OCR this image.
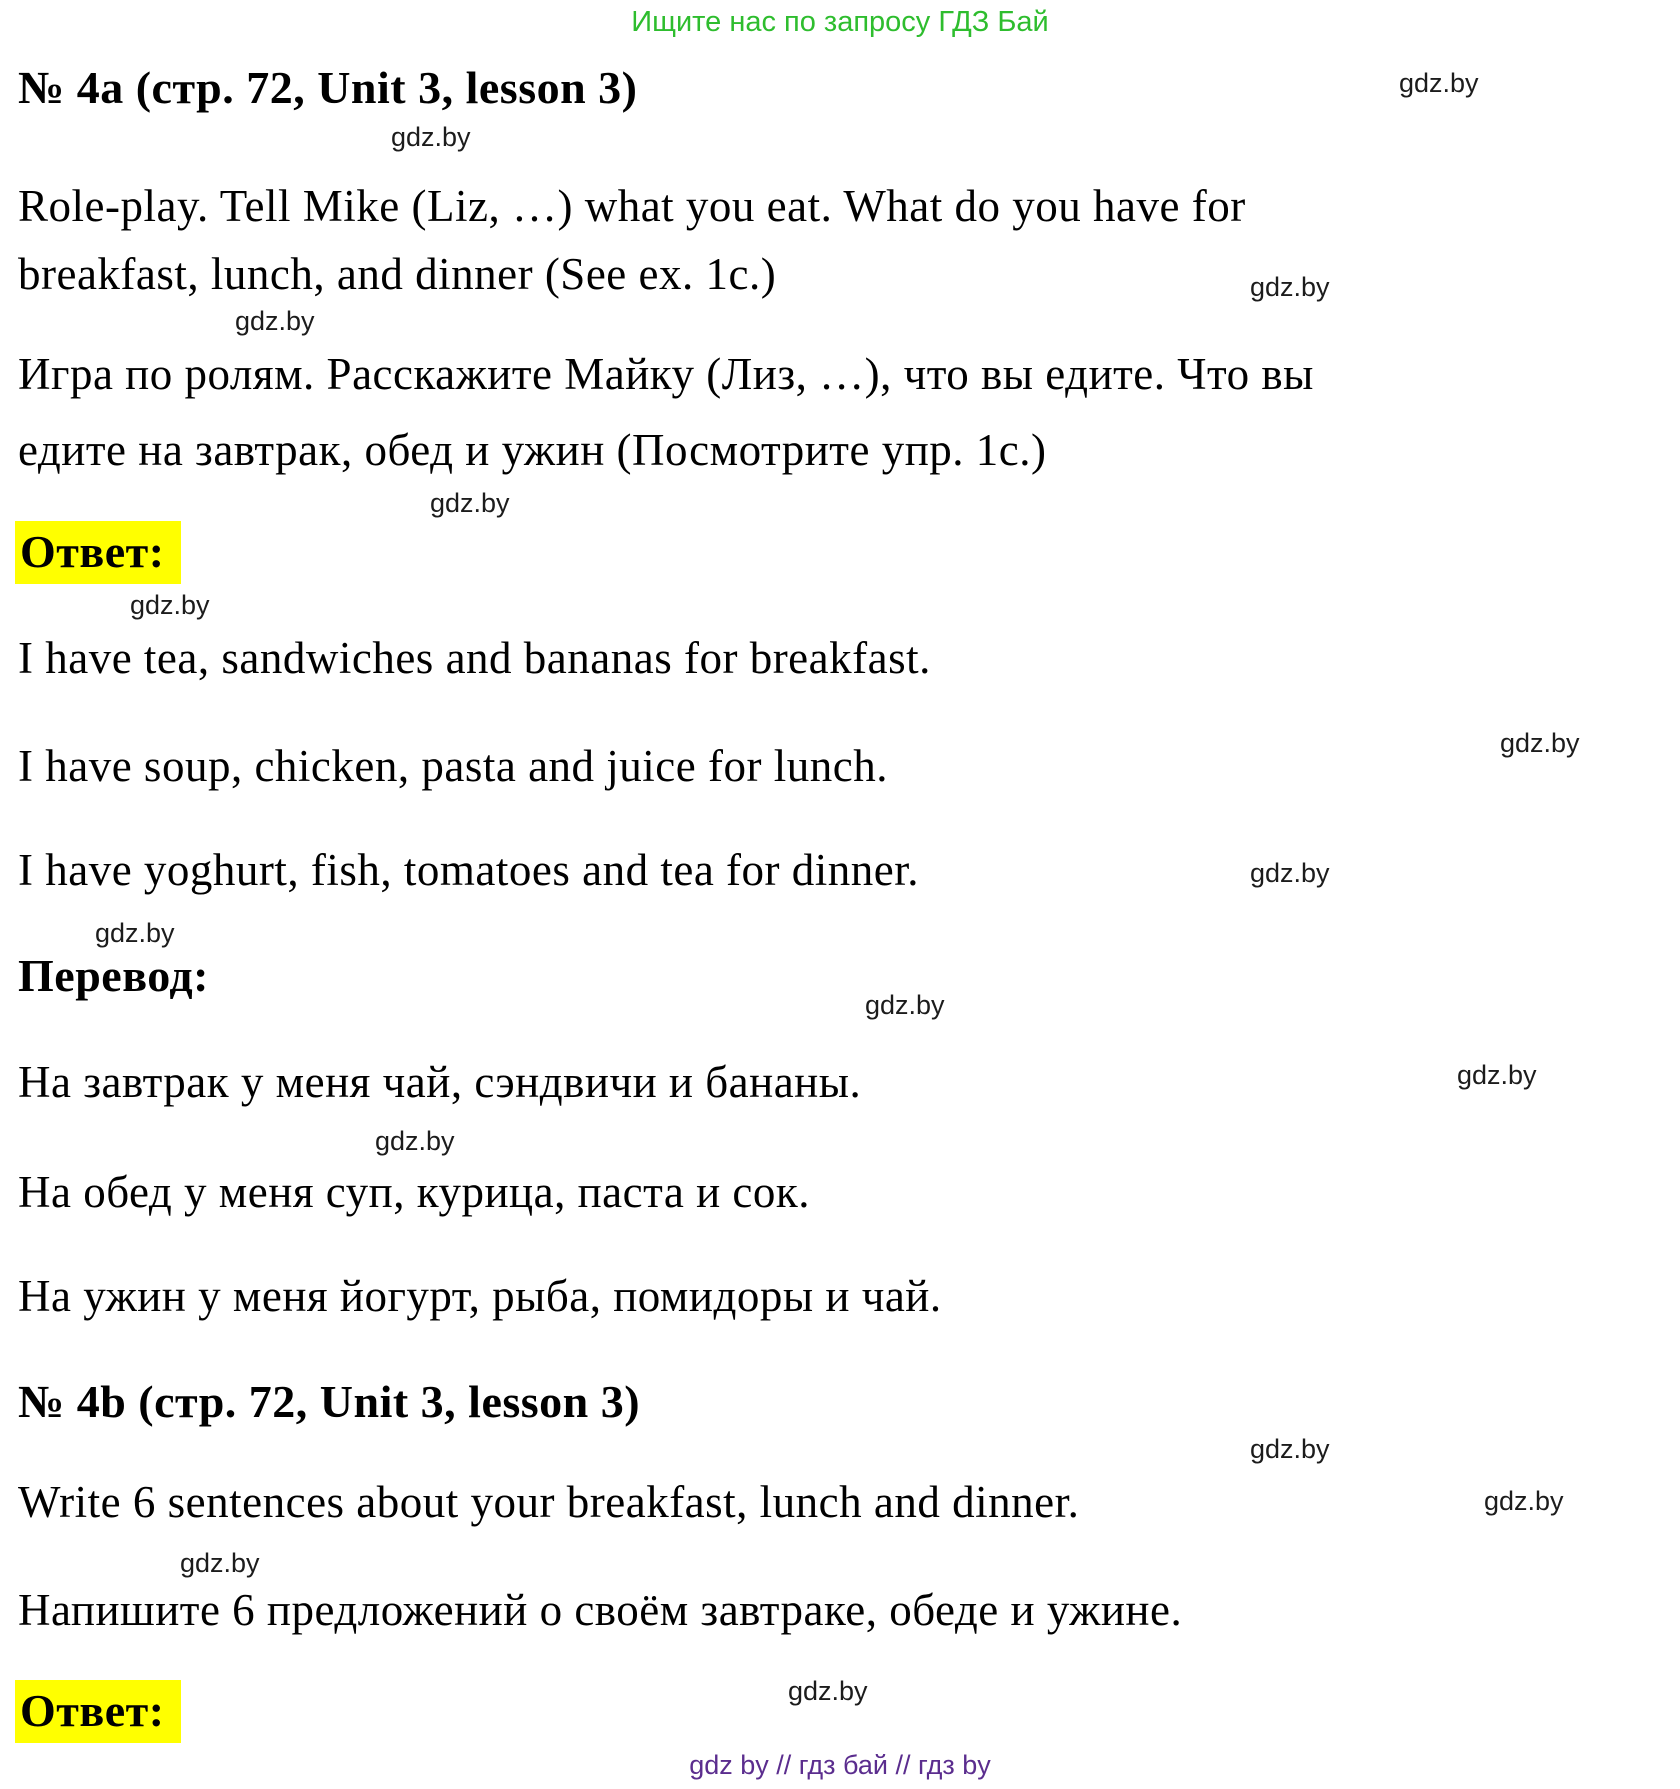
Ищите нас по запросу ГДЗ Бай
№ 4a (стр. 72, Unit 3, lesson 3)
Role-play. Tell Mike (Liz, …) what you eat. What do you have for
breakfast, lunch, and dinner (See ex. 1c.)
Игра по ролям. Расскажите Майку (Лиз, …), что вы едите. Что вы
едите на завтрак, обед и ужин (Посмотрите упр. 1c.)
Ответ:
I have tea, sandwiches and bananas for breakfast.
I have soup, chicken, pasta and juice for lunch.
I have yoghurt, fish, tomatoes and tea for dinner.
Перевод:
На завтрак у меня чай, сэндвичи и бананы.
На обед у меня суп, курица, паста и сок.
На ужин у меня йогурт, рыба, помидоры и чай.
№ 4b (стр. 72, Unit 3, lesson 3)
Write 6 sentences about your breakfast, lunch and dinner.
Напишите 6 предложений о своём завтраке, обеде и ужине.
Ответ:
gdz.by
gdz.by
gdz.by
gdz.by
gdz.by
gdz.by
gdz.by
gdz.by
gdz.by
gdz.by
gdz.by
gdz.by
gdz.by
gdz.by
gdz.by
gdz.by
gdz by // гдз бай // гдз by
